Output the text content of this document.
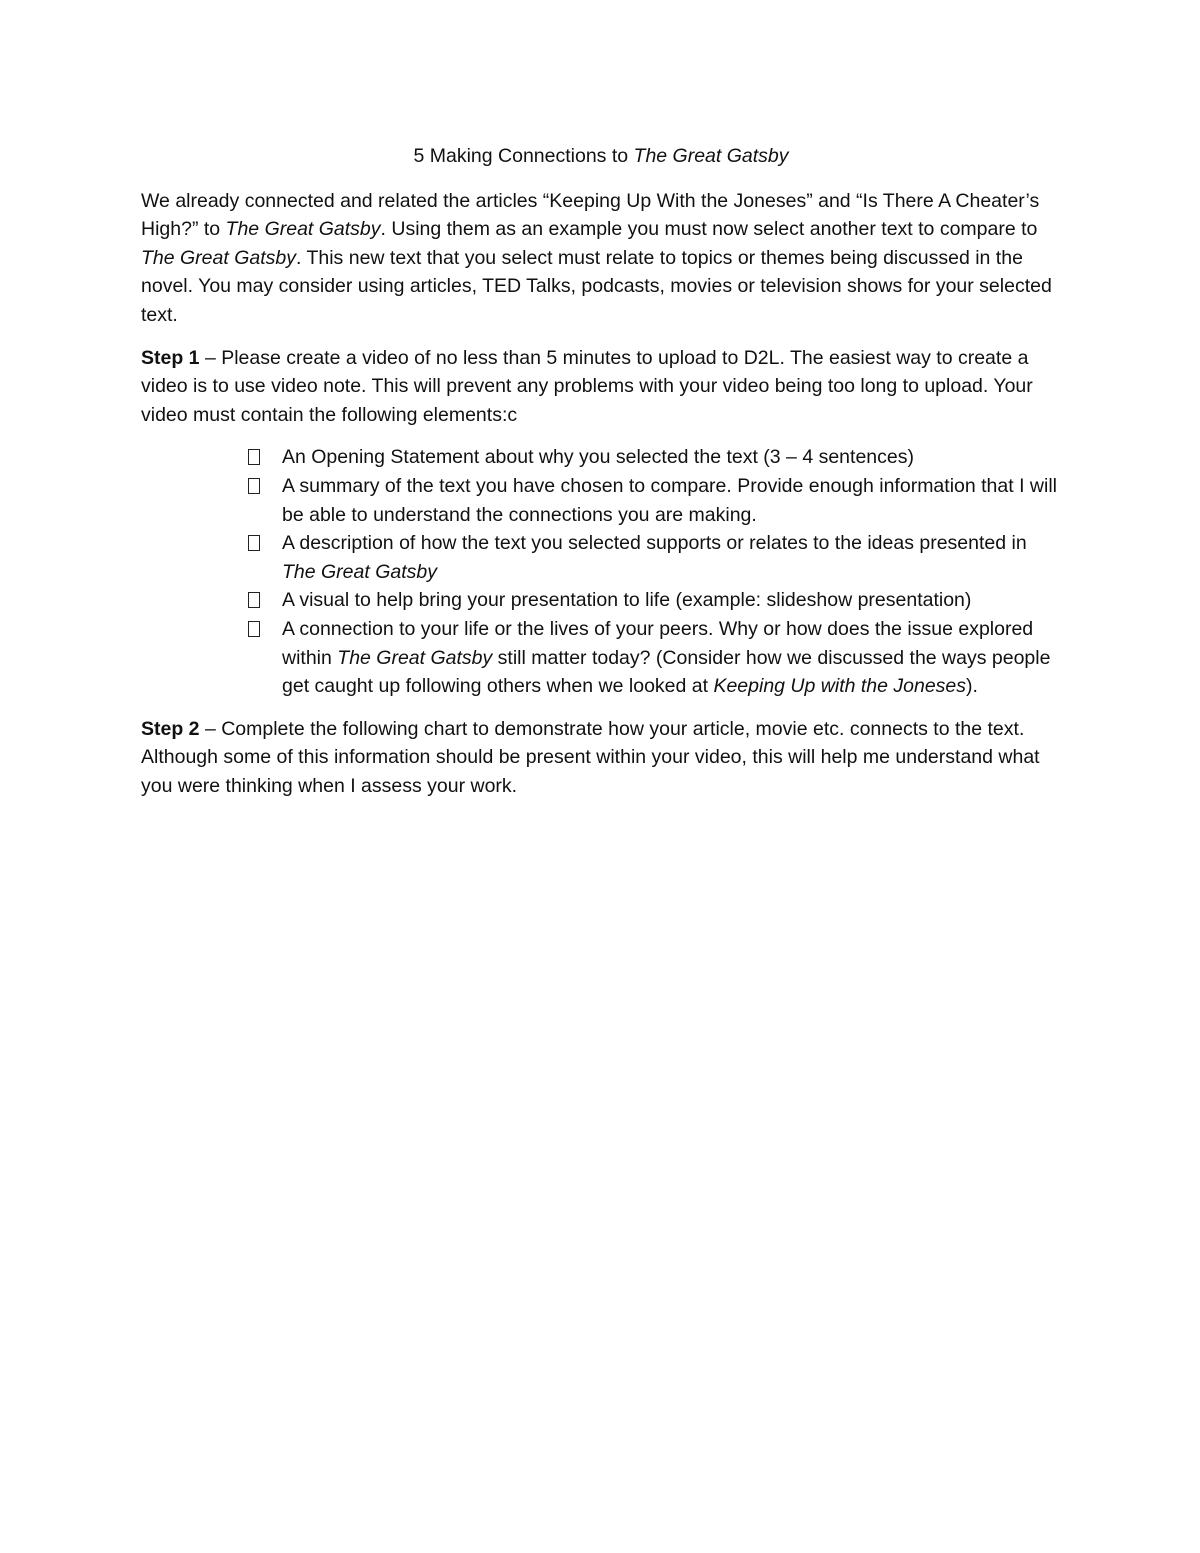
5 Making Connections to The Great Gatsby

We already connected and related the articles “Keeping Up With the Joneses” and “Is There A Cheater’s High?” to The Great Gatsby. Using them as an example you must now select another text to compare to The Great Gatsby. This new text that you select must relate to topics or themes being discussed in the novel. You may consider using articles, TED Talks, podcasts, movies or television shows for your selected text.

Step 1 – Please create a video of no less than 5 minutes to upload to D2L. The easiest way to create a video is to use video note. This will prevent any problems with your video being too long to upload. Your video must contain the following elements:c

An Opening Statement about why you selected the text (3 – 4 sentences)
A summary of the text you have chosen to compare. Provide enough information that I will be able to understand the connections you are making.
A description of how the text you selected supports or relates to the ideas presented in The Great Gatsby
A visual to help bring your presentation to life (example: slideshow presentation)
A connection to your life or the lives of your peers. Why or how does the issue explored within The Great Gatsby still matter today? (Consider how we discussed the ways people get caught up following others when we looked at Keeping Up with the Joneses).

Step 2 – Complete the following chart to demonstrate how your article, movie etc. connects to the text. Although some of this information should be present within your video, this will help me understand what you were thinking when I assess your work.
